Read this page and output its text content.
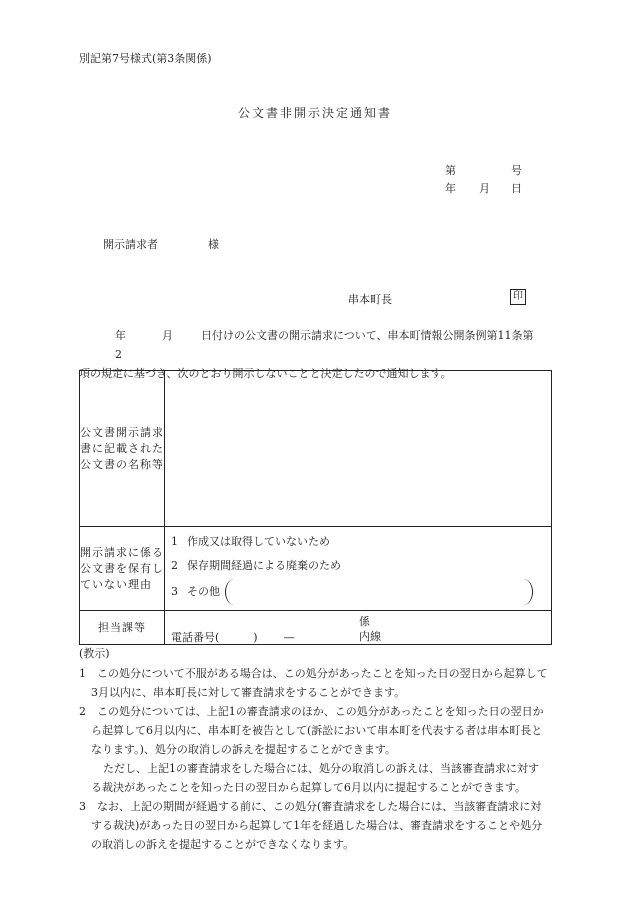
別記第7号様式(第3条関係)
公文書非開示決定通知書
第	号
年 月 日
開示請求者	様
串本町長	印
年	月	日付けの公文書の開示請求について、串本町情報公開条例第11条第2
項の規定に基づき、次のとおり開示しないことと決定したので通知します。
公文書開示請求書に記載された公文書の名称等	
開示請求に係る公文書を保有していない理由	1 作成又は取得していないため
2 保存期間経過による廃棄のため
3 その他

担当課等	係
電話番号( ) — 内線
(教示)

1　この処分について不服がある場合は、この処分があったことを知った日の翌日から起算して3月以内に、串本町長に対して審査請求をすることができます。

2　この処分については、上記1の審査請求のほか、この処分があったことを知った日の翌日から起算して6月以内に、串本町を被告として(訴訟において串本町を代表する者は串本町長となります。)、処分の取消しの訴えを提起することができます。

ただし、上記1の審査請求をした場合には、処分の取消しの訴えは、当該審査請求に対する裁決があったことを知った日の翌日から起算して6月以内に提起することができます。

3　なお、上記の期間が経過する前に、この処分(審査請求をした場合には、当該審査請求に対する裁決)があった日の翌日から起算して1年を経過した場合は、審査請求をすることや処分の取消しの訴えを提起することができなくなります。
